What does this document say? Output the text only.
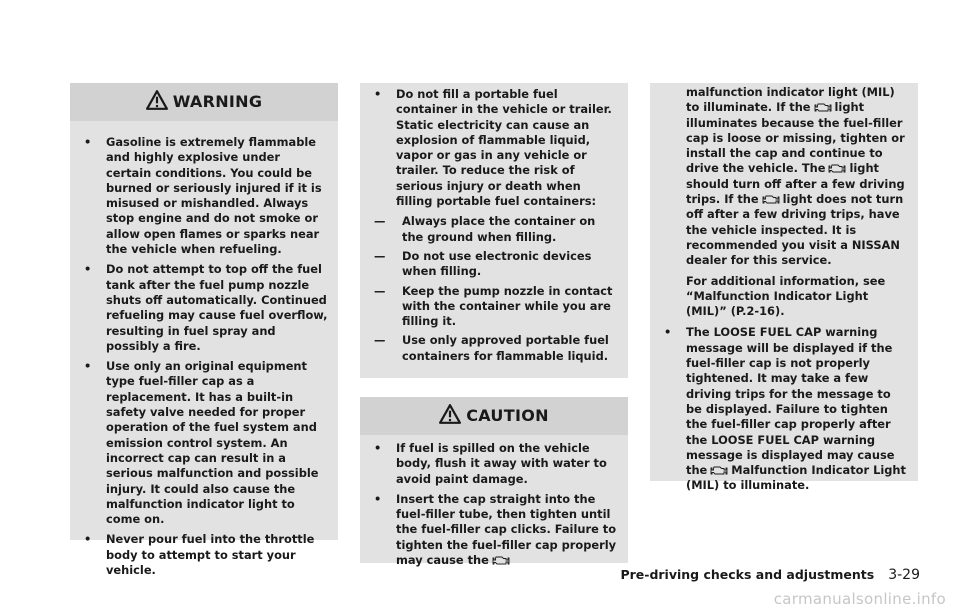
WARNING
• Gasoline is extremely flammable and highly explosive under certain conditions. You could be burned or seriously injured if it is misused or mishandled. Always stop engine and do not smoke or allow open flames or sparks near the vehicle when refueling.
• Do not attempt to top off the fuel tank after the fuel pump nozzle shuts off automatically. Continued refueling may cause fuel overflow, resulting in fuel spray and possibly a fire.
• Use only an original equipment type fuel-filler cap as a replacement. It has a built-in safety valve needed for proper operation of the fuel system and emission control system. An incorrect cap can result in a serious malfunction and possible injury. It could also cause the malfunction indicator light to come on.
• Never pour fuel into the throttle body to attempt to start your vehicle.
• Do not fill a portable fuel container in the vehicle or trailer. Static electricity can cause an explosion of flammable liquid, vapor or gas in any vehicle or trailer. To reduce the risk of serious injury or death when filling portable fuel containers:
— Always place the container on the ground when filling.
— Do not use electronic devices when filling.
— Keep the pump nozzle in contact with the container while you are filling it.
— Use only approved portable fuel containers for flammable liquid.
CAUTION
• If fuel is spilled on the vehicle body, flush it away with water to avoid paint damage.
• Insert the cap straight into the fuel-filler tube, then tighten until the fuel-filler cap clicks. Failure to tighten the fuel-filler cap properly may cause the
malfunction indicator light (MIL) to illuminate. If the light illuminates because the fuel-filler cap is loose or missing, tighten or install the cap and continue to drive the vehicle. The light should turn off after a few driving trips. If the light does not turn off after a few driving trips, have the vehicle inspected. It is recommended you visit a NISSAN dealer for this service.
For additional information, see “Malfunction Indicator Light (MIL)” (P.2-16).
• The LOOSE FUEL CAP warning message will be displayed if the fuel-filler cap is not properly tightened. It may take a few driving trips for the message to be displayed. Failure to tighten the fuel-filler cap properly after the LOOSE FUEL CAP warning message is displayed may cause the Malfunction Indicator Light (MIL) to illuminate.
Pre-driving checks and adjustments 3-29
carmanualsonline.info
